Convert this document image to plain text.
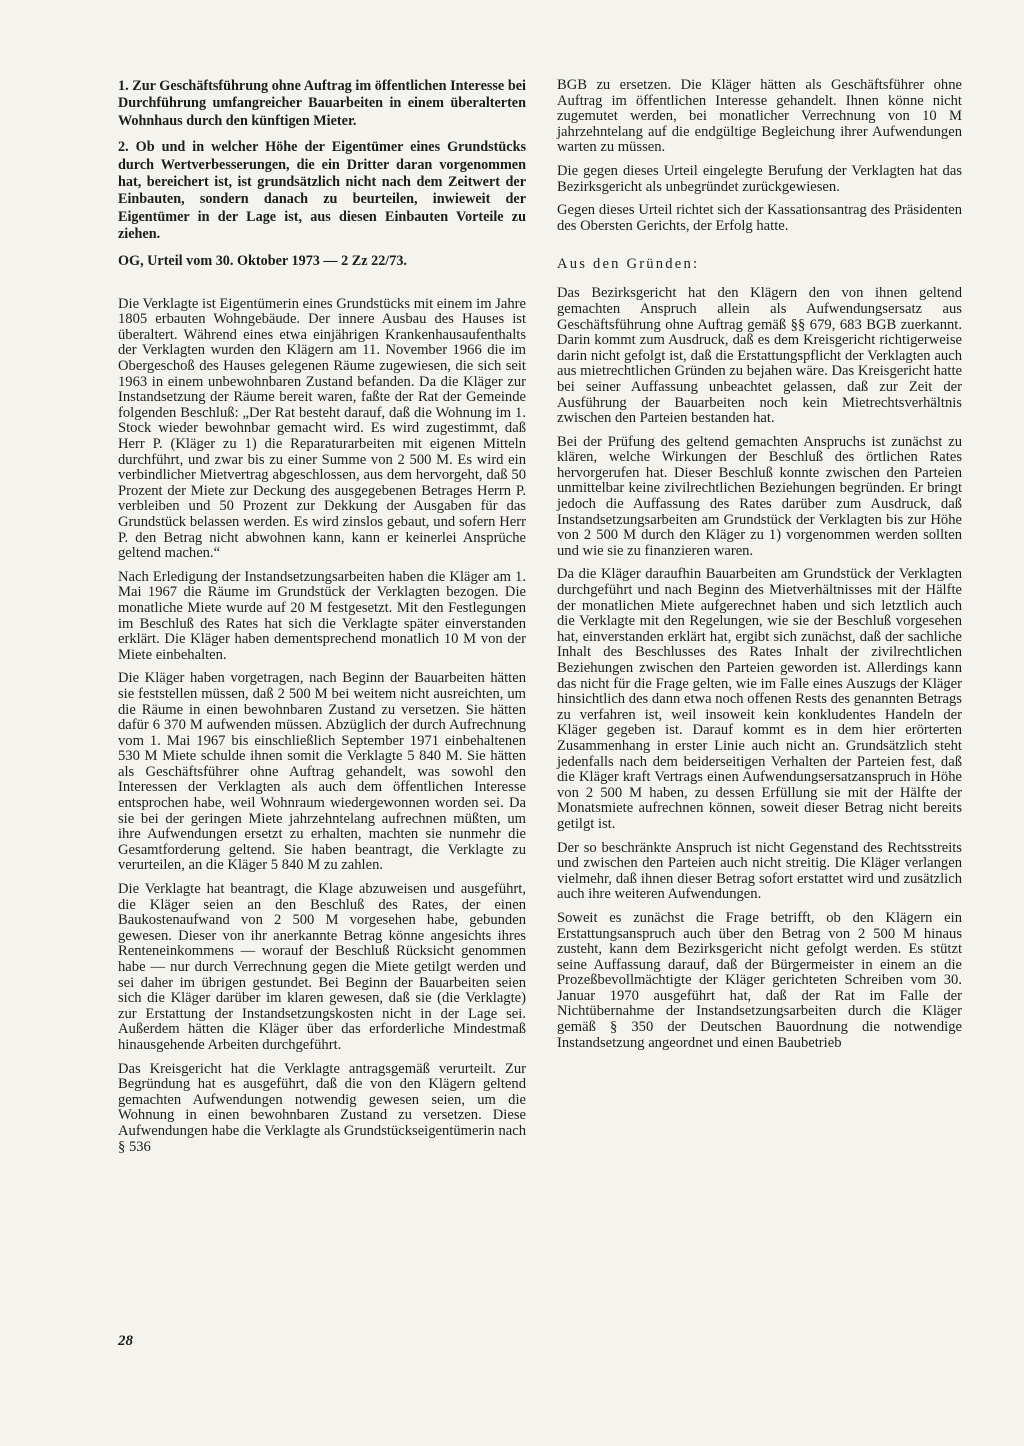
1. Zur Geschäftsführung ohne Auftrag im öffentlichen Interesse bei Durchführung umfangreicher Bauarbeiten in einem überalterten Wohnhaus durch den künftigen Mieter.

2. Ob und in welcher Höhe der Eigentümer eines Grundstücks durch Wertverbesserungen, die ein Dritter daran vorgenommen hat, bereichert ist, ist grundsätzlich nicht nach dem Zeitwert der Einbauten, sondern danach zu beurteilen, inwieweit der Eigentümer in der Lage ist, aus diesen Einbauten Vorteile zu ziehen.

OG, Urteil vom 30. Oktober 1973 — 2 Zz 22/73.

Die Verklagte ist Eigentümerin eines Grundstücks mit einem im Jahre 1805 erbauten Wohngebäude. Der innere Ausbau des Hauses ist überaltert. Während eines etwa einjährigen Krankenhausaufenthalts der Verklagten wurden den Klägern am 11. November 1966 die im Obergeschoß des Hauses gelegenen Räume zugewiesen, die sich seit 1963 in einem unbewohnbaren Zustand befanden. Da die Kläger zur Instandsetzung der Räume bereit waren, faßte der Rat der Gemeinde folgenden Beschluß: „Der Rat besteht darauf, daß die Wohnung im 1. Stock wieder bewohnbar gemacht wird. Es wird zugestimmt, daß Herr P. (Kläger zu 1) die Reparaturarbeiten mit eigenen Mitteln durchführt, und zwar bis zu einer Summe von 2 500 M. Es wird ein verbindlicher Mietvertrag abgeschlossen, aus dem hervorgeht, daß 50 Prozent der Miete zur Deckung des ausgegebenen Betrages Herrn P. verbleiben und 50 Prozent zur Dekkung der Ausgaben für das Grundstück belassen werden. Es wird zinslos gebaut, und sofern Herr P. den Betrag nicht abwohnen kann, kann er keinerlei Ansprüche geltend machen.“

Nach Erledigung der Instandsetzungsarbeiten haben die Kläger am 1. Mai 1967 die Räume im Grundstück der Verklagten bezogen. Die monatliche Miete wurde auf 20 M festgesetzt. Mit den Festlegungen im Beschluß des Rates hat sich die Verklagte später einverstanden erklärt. Die Kläger haben dementsprechend monatlich 10 M von der Miete einbehalten.

Die Kläger haben vorgetragen, nach Beginn der Bauarbeiten hätten sie feststellen müssen, daß 2 500 M bei weitem nicht ausreichten, um die Räume in einen bewohnbaren Zustand zu versetzen. Sie hätten dafür 6 370 M aufwenden müssen. Abzüglich der durch Aufrechnung vom 1. Mai 1967 bis einschließlich September 1971 einbehaltenen 530 M Miete schulde ihnen somit die Verklagte 5 840 M. Sie hätten als Geschäftsführer ohne Auftrag gehandelt, was sowohl den Interessen der Verklagten als auch dem öffentlichen Interesse entsprochen habe, weil Wohnraum wiedergewonnen worden sei. Da sie bei der geringen Miete jahrzehntelang aufrechnen müßten, um ihre Aufwendungen ersetzt zu erhalten, machten sie nunmehr die Gesamtforderung geltend. Sie haben beantragt, die Verklagte zu verurteilen, an die Kläger 5 840 M zu zahlen.

Die Verklagte hat beantragt, die Klage abzuweisen und ausgeführt, die Kläger seien an den Beschluß des Rates, der einen Baukostenaufwand von 2 500 M vorgesehen habe, gebunden gewesen. Dieser von ihr anerkannte Betrag könne angesichts ihres Renteneinkommens — worauf der Beschluß Rücksicht genommen habe — nur durch Verrechnung gegen die Miete getilgt werden und sei daher im übrigen gestundet. Bei Beginn der Bauarbeiten seien sich die Kläger darüber im klaren gewesen, daß sie (die Verklagte) zur Erstattung der Instandsetzungskosten nicht in der Lage sei. Außerdem hätten die Kläger über das erforderliche Mindestmaß hinausgehende Arbeiten durchgeführt.

Das Kreisgericht hat die Verklagte antragsgemäß verurteilt. Zur Begründung hat es ausgeführt, daß die von den Klägern geltend gemachten Aufwendungen notwendig gewesen seien, um die Wohnung in einen bewohnbaren Zustand zu versetzen. Diese Aufwendungen habe die Verklagte als Grundstückseigentümerin nach § 536

BGB zu ersetzen. Die Kläger hätten als Geschäftsführer ohne Auftrag im öffentlichen Interesse gehandelt. Ihnen könne nicht zugemutet werden, bei monatlicher Verrechnung von 10 M jahrzehntelang auf die endgültige Begleichung ihrer Aufwendungen warten zu müssen.

Die gegen dieses Urteil eingelegte Berufung der Verklagten hat das Bezirksgericht als unbegründet zurückgewiesen.

Gegen dieses Urteil richtet sich der Kassationsantrag des Präsidenten des Obersten Gerichts, der Erfolg hatte.

Aus den Gründen:

Das Bezirksgericht hat den Klägern den von ihnen geltend gemachten Anspruch allein als Aufwendungsersatz aus Geschäftsführung ohne Auftrag gemäß §§ 679, 683 BGB zuerkannt. Darin kommt zum Ausdruck, daß es dem Kreisgericht richtigerweise darin nicht gefolgt ist, daß die Erstattungspflicht der Verklagten auch aus mietrechtlichen Gründen zu bejahen wäre. Das Kreisgericht hatte bei seiner Auffassung unbeachtet gelassen, daß zur Zeit der Ausführung der Bauarbeiten noch kein Mietrechtsverhältnis zwischen den Parteien bestanden hat.

Bei der Prüfung des geltend gemachten Anspruchs ist zunächst zu klären, welche Wirkungen der Beschluß des örtlichen Rates hervorgerufen hat. Dieser Beschluß konnte zwischen den Parteien unmittelbar keine zivilrechtlichen Beziehungen begründen. Er bringt jedoch die Auffassung des Rates darüber zum Ausdruck, daß Instandsetzungsarbeiten am Grundstück der Verklagten bis zur Höhe von 2 500 M durch den Kläger zu 1) vorgenommen werden sollten und wie sie zu finanzieren waren.

Da die Kläger daraufhin Bauarbeiten am Grundstück der Verklagten durchgeführt und nach Beginn des Mietverhältnisses mit der Hälfte der monatlichen Miete aufgerechnet haben und sich letztlich auch die Verklagte mit den Regelungen, wie sie der Beschluß vorgesehen hat, einverstanden erklärt hat, ergibt sich zunächst, daß der sachliche Inhalt des Beschlusses des Rates Inhalt der zivilrechtlichen Beziehungen zwischen den Parteien geworden ist. Allerdings kann das nicht für die Frage gelten, wie im Falle eines Auszugs der Kläger hinsichtlich des dann etwa noch offenen Rests des genannten Betrags zu verfahren ist, weil insoweit kein konkludentes Handeln der Kläger gegeben ist. Darauf kommt es in dem hier erörterten Zusammenhang in erster Linie auch nicht an. Grundsätzlich steht jedenfalls nach dem beiderseitigen Verhalten der Parteien fest, daß die Kläger kraft Vertrags einen Aufwendungsersatzanspruch in Höhe von 2 500 M haben, zu dessen Erfüllung sie mit der Hälfte der Monatsmiete aufrechnen können, soweit dieser Betrag nicht bereits getilgt ist.

Der so beschränkte Anspruch ist nicht Gegenstand des Rechtsstreits und zwischen den Parteien auch nicht streitig. Die Kläger verlangen vielmehr, daß ihnen dieser Betrag sofort erstattet wird und zusätzlich auch ihre weiteren Aufwendungen.

Soweit es zunächst die Frage betrifft, ob den Klägern ein Erstattungsanspruch auch über den Betrag von 2 500 M hinaus zusteht, kann dem Bezirksgericht nicht gefolgt werden. Es stützt seine Auffassung darauf, daß der Bürgermeister in einem an die Prozeßbevollmächtigte der Kläger gerichteten Schreiben vom 30. Januar 1970 ausgeführt hat, daß der Rat im Falle der Nichtübernahme der Instandsetzungsarbeiten durch die Kläger gemäß § 350 der Deutschen Bauordnung die notwendige Instandsetzung angeordnet und einen Baubetrieb

28
